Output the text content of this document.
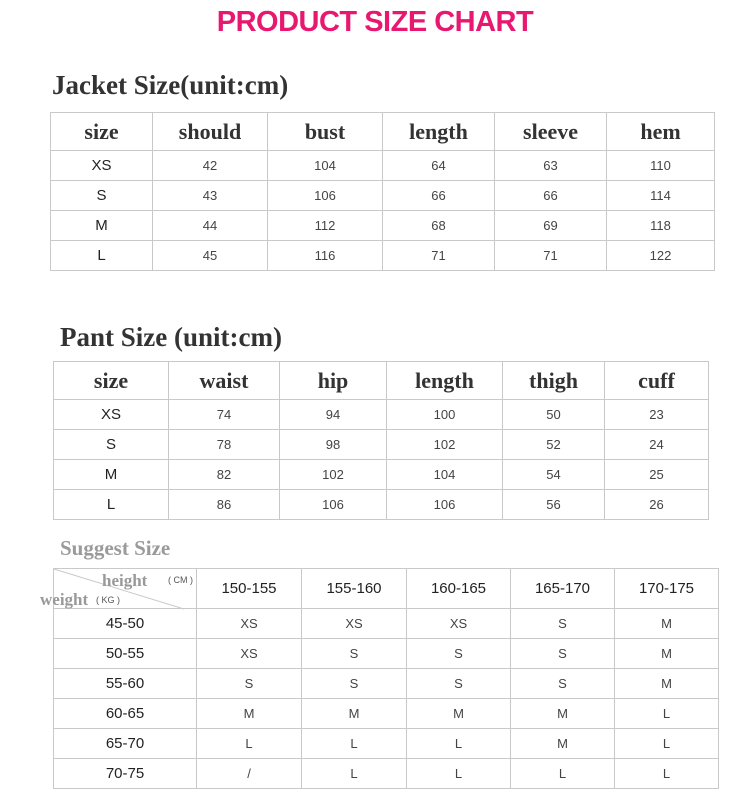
PRODUCT SIZE CHART
Jacket Size(unit:cm)
size	should	bust	length	sleeve	hem
XS	42	104	64	63	110
S	43	106	66	66	114
M	44	112	68	69	118
L	45	116	71	71	122
Pant Size (unit:cm)
size	waist	hip	length	thigh	cuff
XS	74	94	100	50	23
S	78	98	102	52	24
M	82	102	104	54	25
L	86	106	106	56	26
Suggest Size
height ( CM )
weight ( KG )	150-155	155-160	160-165	165-170	170-175
45-50	XS	XS	XS	S	M
50-55	XS	S	S	S	M
55-60	S	S	S	S	M
60-65	M	M	M	M	L
65-70	L	L	L	M	L
70-75	/	L	L	L	L
